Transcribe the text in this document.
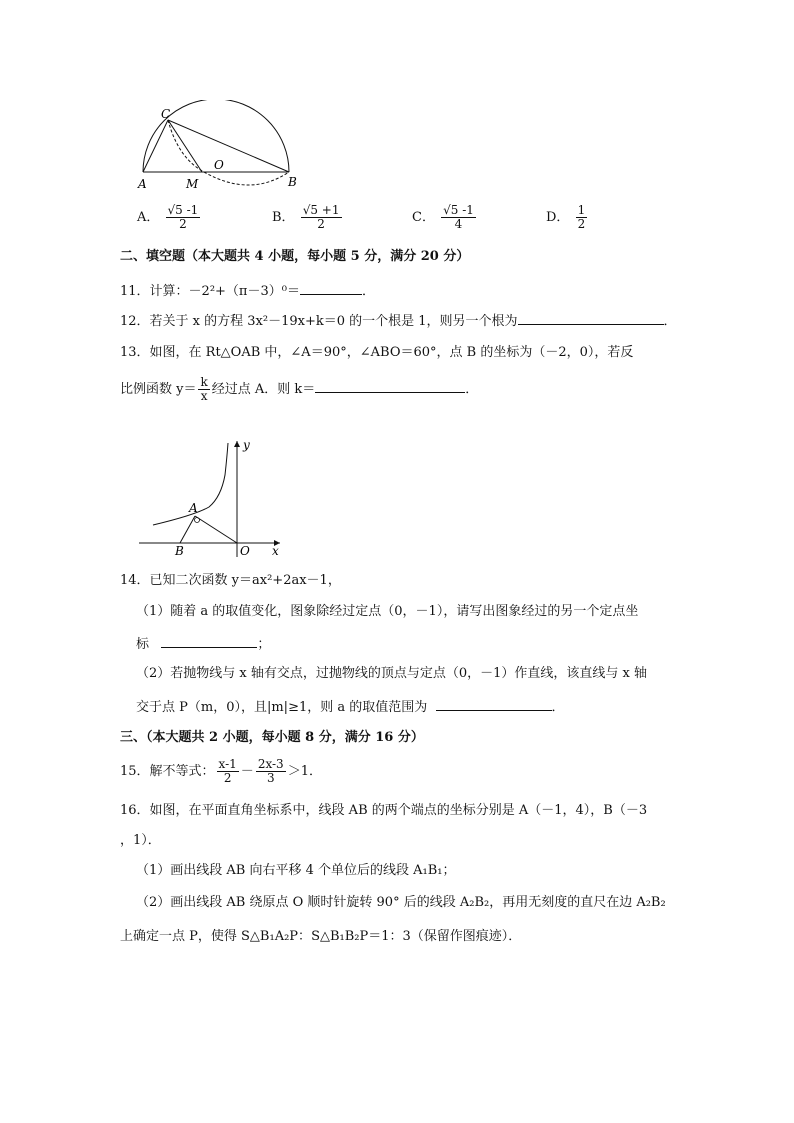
C
O
A	M	B
A． $\frac{√5 -1}{2}$	B． $\frac{√5 +1}{2}$	C． $\frac{√5 -1}{4}$	D． $\frac{1}{2}$
二、填空题（本大题共 4 小题，每小题 5 分，满分 20 分）
11．计算：－2²+（π－3）⁰＝	．
12．若关于 x 的方程 3x²－19x+k＝0 的一个根是 1，则另一个根为	．
13．如图，在 Rt△OAB 中，∠A＝90°，∠ABO＝60°，点 B 的坐标为（－2，0），若反
比例函数 $y= \frac{k}{x}$ 经过点 A．则 k＝	．
y
x
A
B	O
14．已知二次函数 y＝ax²+2ax－1，
（1）随着 a 的取值变化，图象除经过定点（0，－1），请写出图象经过的另一个定点坐
标	；
（2）若抛物线与 x 轴有交点，过抛物线的顶点与定点（0，－1）作直线，该直线与 x 轴
交于点 P（m，0），且|m|≥1，则 a 的取值范围为	．
三、（本大题共 2 小题，每小题 8 分，满分 16 分）
15．解不等式： $\frac{x-1}{2} - \frac{2x-3}{3} >1$．
16．如图，在平面直角坐标系中，线段 AB 的两个端点的坐标分别是 A（－1，4），B（－3
，1）．
（1）画出线段 AB 向右平移 4 个单位后的线段 A₁B₁；
（2）画出线段 AB 绕原点 O 顺时针旋转 90° 后的线段 A₂B₂，再用无刻度的直尺在边 A₂B₂
上确定一点 P，使得 S△B₁A₂P：S△B₁B₂P＝1：3（保留作图痕迹）．
